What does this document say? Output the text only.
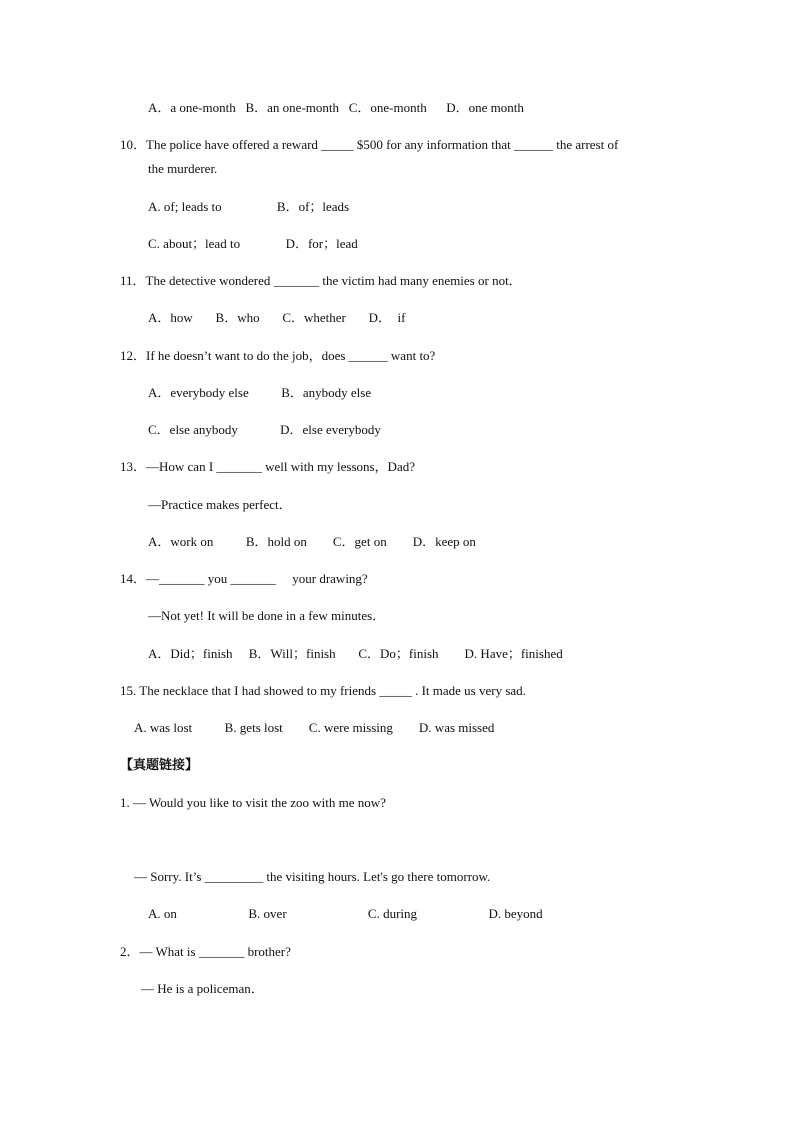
A．a one-month   B．an one-month   C．one-month      D．one month
10．The police have offered a reward _____ $500 for any information that ______ the arrest of
the murderer.
A. of; leads to                 B．of；leads
C. about；lead to              D．for；lead
11．The detective wondered _______ the victim had many enemies or not．
A．how       B．who       C．whether       D．  if
12．If he doesn’t want to do the job，does ______ want to?
A．everybody else          B．anybody else
C．else anybody             D．else everybody
13．—How can I _______ well with my lessons，Dad?
—Practice makes perfect．
A．work on          B．hold on        C．get on        D．keep on
14．—_______ you _______     your drawing?
—Not yet! It will be done in a few minutes．
A．Did；finish     B．Will；finish       C．Do；finish        D. Have；finished
15. The necklace that I had showed to my friends _____ . It made us very sad.
A. was lost          B. gets lost        C. were missing        D. was missed
【真题链接】
1. — Would you like to visit the zoo with me now?
— Sorry. It’s _________ the visiting hours. Let's go there tomorrow.
A. on                      B. over                         C. during                      D. beyond
2．— What is _______ brother?
— He is a policeman．
